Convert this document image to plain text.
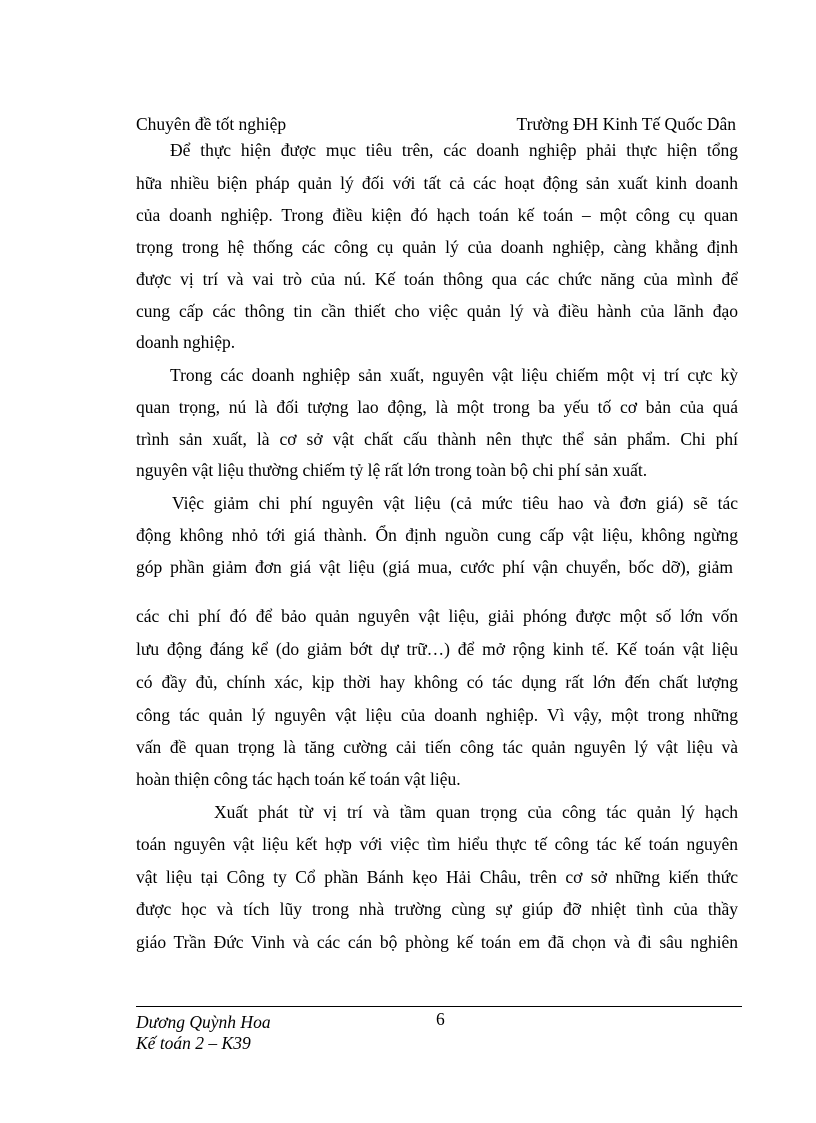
Chuyên đề tốt nghiệp	Trường ĐH Kinh Tế Quốc Dân
Để thực hiện được mục tiêu trên, các doanh nghiệp phải thực hiện tổng
hữa nhiều biện pháp quản lý đối với tất cả các hoạt động sản xuất kinh doanh
của doanh nghiệp. Trong điều kiện đó hạch toán kế toán – một công cụ quan
trọng trong hệ thống các công cụ quản lý của doanh nghiệp, càng khẳng định
được vị trí và vai trò của nú. Kế toán thông qua các chức năng của mình để
cung cấp các thông tin cần thiết cho việc quản lý và điều hành của lãnh đạo
doanh nghiệp.
Trong các doanh nghiệp sản xuất, nguyên vật liệu chiếm một vị trí cực kỳ
quan trọng, nú là đối tượng lao động, là một trong ba yếu tố cơ bản của quá
trình sản xuất, là cơ sở vật chất cấu thành nên thực thể sản phẩm. Chi phí
nguyên vật liệu thường chiếm tỷ lệ rất lớn trong toàn bộ chi phí sản xuất.
Việc giảm chi phí nguyên vật liệu (cả mức tiêu hao và đơn giá) sẽ tác
động không nhỏ tới giá thành. Ổn định nguồn cung cấp vật liệu, không ngừng
góp phần giảm đơn giá vật liệu (giá mua, cước phí vận chuyển, bốc dỡ), giảm
các chi phí đó để bảo quản nguyên vật liệu, giải phóng được một số lớn vốn
lưu động đáng kể (do giảm bớt dự trữ…) để mở rộng kinh tế. Kế toán vật liệu
có đầy đủ, chính xác, kịp thời hay không có tác dụng rất lớn đến chất lượng
công tác quản lý nguyên vật liệu của doanh nghiệp. Vì vậy, một trong những
vấn đề quan trọng là tăng cường cải tiến công tác quản nguyên lý vật liệu và
hoàn thiện công tác hạch toán kế toán vật liệu.
Xuất phát từ vị trí và tầm quan trọng của công tác quản lý hạch
toán nguyên vật liệu kết hợp với việc tìm hiểu thực tế công tác kế toán nguyên
vật liệu tại Công ty Cổ phần Bánh kẹo Hải Châu, trên cơ sở những kiến thức
được học và tích lũy trong nhà trường cùng sự giúp đỡ nhiệt tình của thầy
giáo Trần Đức Vinh và các cán bộ phòng kế toán em đã chọn và đi sâu nghiên
Dương Quỳnh Hoa	6
Kế toán 2 – K39
